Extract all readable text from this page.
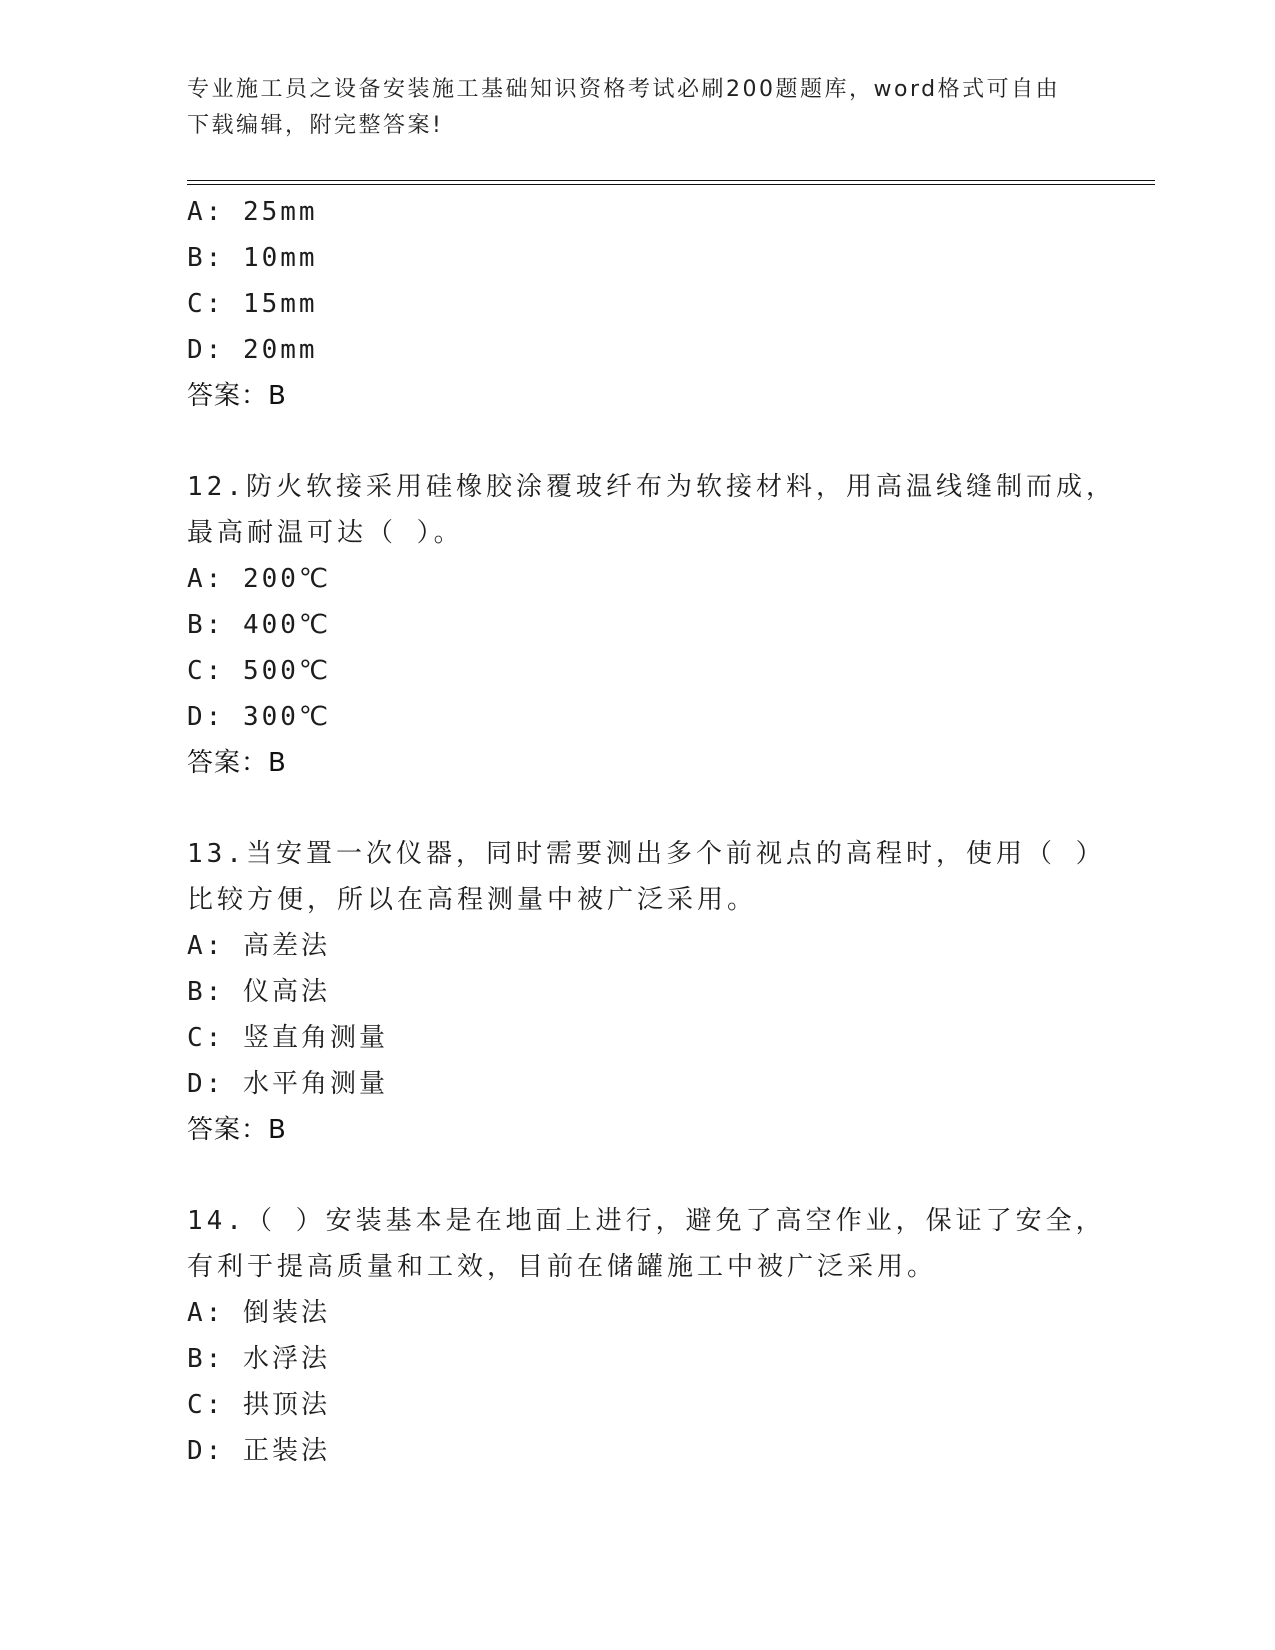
专业施工员之设备安装施工基础知识资格考试必刷200题题库，word格式可自由
下载编辑，附完整答案!
A: 25mm
B: 10mm
C: 15mm
D: 20mm
答案：B
12.防火软接采用硅橡胶涂覆玻纤布为软接材料，用高温线缝制而成，
最高耐温可达（ ）。
A: 200℃
B: 400℃
C: 500℃
D: 300℃
答案：B
13.当安置一次仪器，同时需要测出多个前视点的高程时，使用（ ）
比较方便，所以在高程测量中被广泛采用。
A: 高差法
B: 仪高法
C: 竖直角测量
D: 水平角测量
答案：B
14.（ ）安装基本是在地面上进行，避免了高空作业，保证了安全，
有利于提高质量和工效，目前在储罐施工中被广泛采用。
A: 倒装法
B: 水浮法
C: 拱顶法
D: 正装法
